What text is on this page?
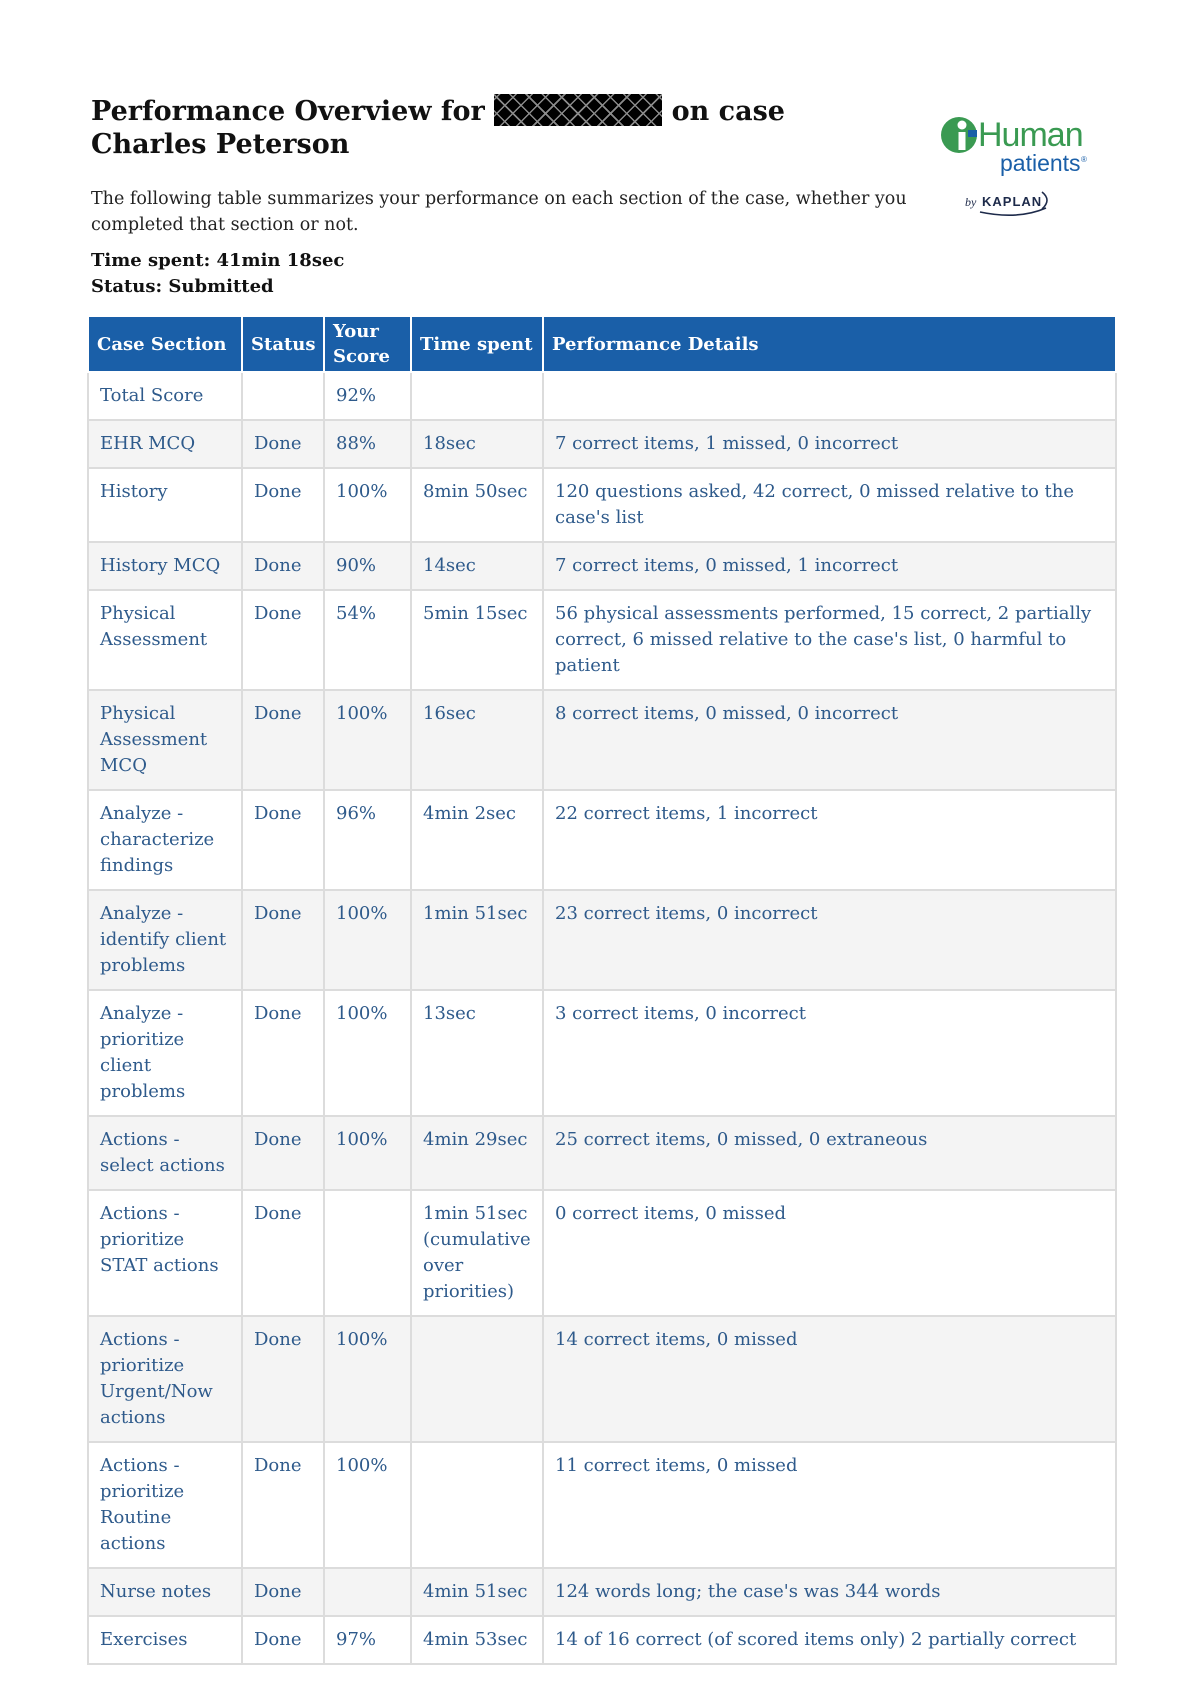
Performance Overview for	on case Charles Peterson	Human
patients ®
by KAPLAN

The following table summarizes your performance on each section of the case, whether you completed that section or not.

Time spent: 41min 18sec
Status: Submitted
Case Section	Status	Your Score	Time spent	Performance Details
Total Score		92%		
EHR MCQ	Done	88%	18sec	7 correct items, 1 missed, 0 incorrect
History	Done	100%	8min 50sec	120 questions asked, 42 correct, 0 missed relative to the case's list
History MCQ	Done	90%	14sec	7 correct items, 0 missed, 1 incorrect
Physical Assessment	Done	54%	5min 15sec	56 physical assessments performed, 15 correct, 2 partially correct, 6 missed relative to the case's list, 0 harmful to patient
Physical Assessment MCQ	Done	100%	16sec	8 correct items, 0 missed, 0 incorrect
Analyze - characterize findings	Done	96%	4min 2sec	22 correct items, 1 incorrect
Analyze - identify client problems	Done	100%	1min 51sec	23 correct items, 0 incorrect
Analyze - prioritize client problems	Done	100%	13sec	3 correct items, 0 incorrect
Actions - select actions	Done	100%	4min 29sec	25 correct items, 0 missed, 0 extraneous
Actions - prioritize STAT actions	Done		1min 51sec (cumulative over priorities)	0 correct items, 0 missed
Actions - prioritize Urgent/Now actions	Done	100%		14 correct items, 0 missed
Actions - prioritize Routine actions	Done	100%		11 correct items, 0 missed
Nurse notes	Done		4min 51sec	124 words long; the case's was 344 words
Exercises	Done	97%	4min 53sec	14 of 16 correct (of scored items only) 2 partially correct
